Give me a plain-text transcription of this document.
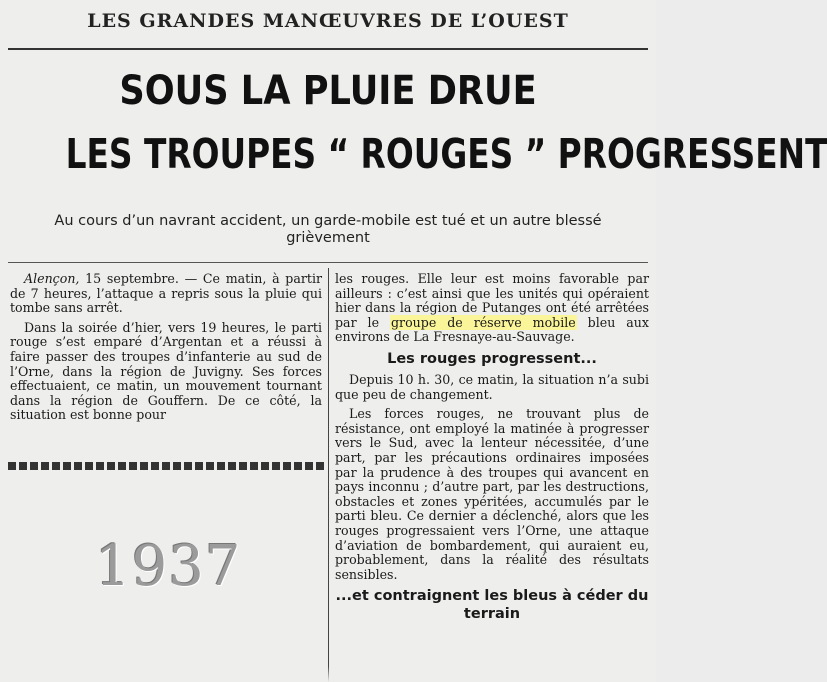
LES GRANDES MANŒUVRES DE L’OUEST
SOUS LA PLUIE DRUE
LES TROUPES “ ROUGES ” PROGRESSENT
Au cours d’un navrant accident, un garde-mobile est tué et un autre blessé grièvement

Alençon, 15 septembre. — Ce matin, à partir de 7 heures, l’attaque a repris sous la pluie qui tombe sans arrêt.

Dans la soirée d’hier, vers 19 heures, le parti rouge s’est emparé d’Argentan et a réussi à faire passer des troupes d’infanterie au sud de l’Orne, dans la région de Juvigny. Ses forces effectuaient, ce matin, un mouvement tournant dans la région de Gouffern. De ce côté, la situation est bonne pour

les rouges. Elle leur est moins favorable par ailleurs : c’est ainsi que les unités qui opéraient hier dans la région de Putanges ont été arrêtées par le groupe de réserve mobile bleu aux environs de La Fresnaye-au-Sauvage.

Les rouges progressent...

Depuis 10 h. 30, ce matin, la situation n’a subi que peu de changement.

Les forces rouges, ne trouvant plus de résistance, ont employé la matinée à progresser vers le Sud, avec la lenteur nécessitée, d’une part, par les précautions ordinaires imposées par la prudence à des troupes qui avancent en pays inconnu ; d’autre part, par les destructions, obstacles et zones ypéritées, accumulés par le parti bleu. Ce dernier a déclenché, alors que les rouges progressaient vers l’Orne, une attaque d’aviation de bombardement, qui auraient eu, probablement, dans la réalité des résultats sensibles.

...et contraignent les bleus à céder du terrain

1937
